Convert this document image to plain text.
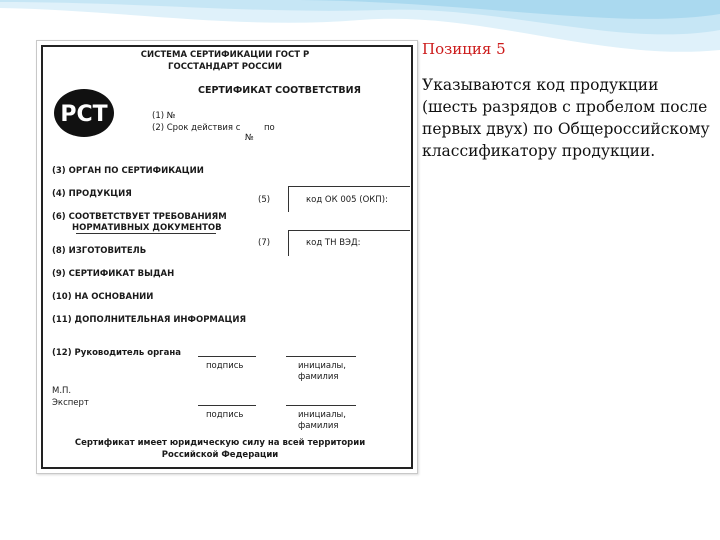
СИСТЕМА СЕРТИФИКАЦИИ ГОСТ Р
ГОССТАНДАРТ РОССИИ
СЕРТИФИКАТ СООТВЕТСТВИЯ
PCT	(1) №
(2) Срок действия с	по
№
(3) ОРГАН ПО СЕРТИФИКАЦИИ
(4) ПРОДУКЦИЯ
(5)	код ОК 005 (ОКП):
(6) СООТВЕТСТВУЕТ ТРЕБОВАНИЯМ
НОРМАТИВНЫХ ДОКУМЕНТОВ
(7)	код ТН ВЭД:
(8) ИЗГОТОВИТЕЛЬ
(9) СЕРТИФИКАТ ВЫДАН
(10) НА ОСНОВАНИИ
(11) ДОПОЛНИТЕЛЬНАЯ ИНФОРМАЦИЯ
(12) Руководитель органа
подпись	инициалы,
фамилия
М.П.
Эксперт
подпись	инициалы,
фамилия
Сертификат имеет юридическую силу на всей территории
Российской Федерации

Позиция 5

Указываются код продукции (шесть разрядов с пробелом после первых двух) по Общероссийскому классификатору продукции.
